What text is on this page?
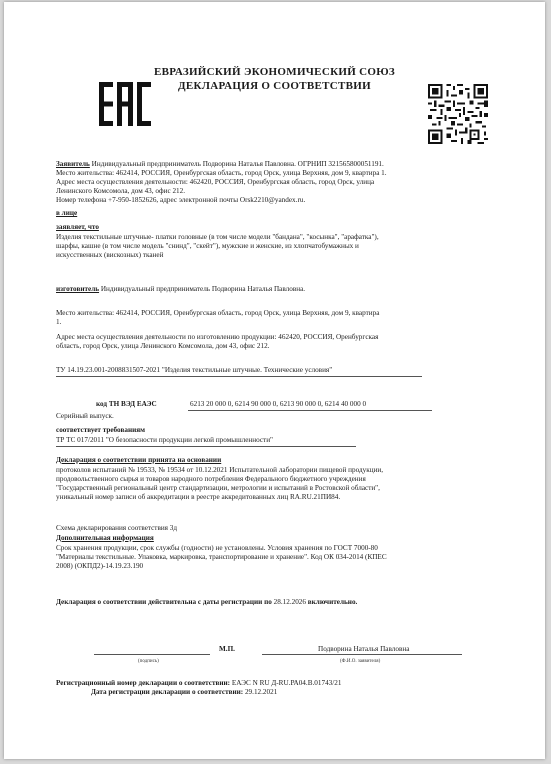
ЕВРАЗИЙСКИЙ ЭКОНОМИЧЕСКИЙ СОЮЗ
ДЕКЛАРАЦИЯ О СООТВЕТСТВИИ
Заявитель Индивидуальный предприниматель Подворина Наталья Павловна. ОГРНИП 321565800051191.
Место жительства: 462414, РОССИЯ, Оренбургская область, город Орск, улица Верхняя, дом 9, квартира 1.
Адрес места осуществления деятельности: 462420, РОССИЯ, Оренбургская область, город Орск, улица
Ленинского Комсомола, дом 43, офис 212.
Номер телефона +7-950-1852626, адрес электронной почты Orsk2210@yandex.ru.
в лице
заявляет, что
Изделия текстильные штучные- платки головные (в том числе модели "бандана", "косынка", "арафатка"),
шарфы, кашне (в том числе модель "снинд", "скейт"), мужские и женские, из хлопчатобумажных и
искусственных (вискозных) тканей
изготовитель Индивидуальный предприниматель Подворина Наталья Павловна.
Место жительства: 462414, РОССИЯ, Оренбургская область, город Орск, улица Верхняя, дом 9, квартира
1.
Адрес места осуществления деятельности по изготовлению продукции: 462420, РОССИЯ, Оренбургская
область, город Орск, улица Ленинского Комсомола, дом 43, офис 212.
ТУ 14.19.23.001-2008831507-2021 "Изделия текстильные штучные. Технические условия"
код ТН ВЭД ЕАЭС	6213 20 000 0, 6214 90 000 0, 6213 90 000 0, 6214 40 000 0
Серийный выпуск.
соответствует требованиям
ТР ТС 017/2011 "О безопасности продукции легкой промышленности"
Декларация о соответствии принята на основании
протоколов испытаний № 19533, № 19534 от 10.12.2021 Испытательной лаборатории пищевой продукции,
продовольственного сырья и товаров народного потребления Федерального бюджетного учреждения
"Государственный региональный центр стандартизации, метрологии и испытаний в Ростовской области",
уникальный номер записи об аккредитации в реестре аккредитованных лиц RA.RU.21ПИ84.
Схема декларирования соответствия 3д
Дополнительная информация
Срок хранения продукции, срок службы (годности) не установлены. Условия хранения по ГОСТ 7000-80
"Материалы текстильные. Упаковка, маркировка, транспортирование и хранение". Код ОК 034-2014 (КПЕС
2008) (ОКПД2)-14.19.23.190
Декларация о соответствии действительна с даты регистрации по 28.12.2026 включительно.
М.П.	Подворина Наталья Павловна
(подпись)	(Ф.И.О. заявителя)
Регистрационный номер декларации о соответствии: ЕАЭС N RU Д-RU.РА04.В.01743/21
Дата регистрации декларации о соответствии: 29.12.2021
